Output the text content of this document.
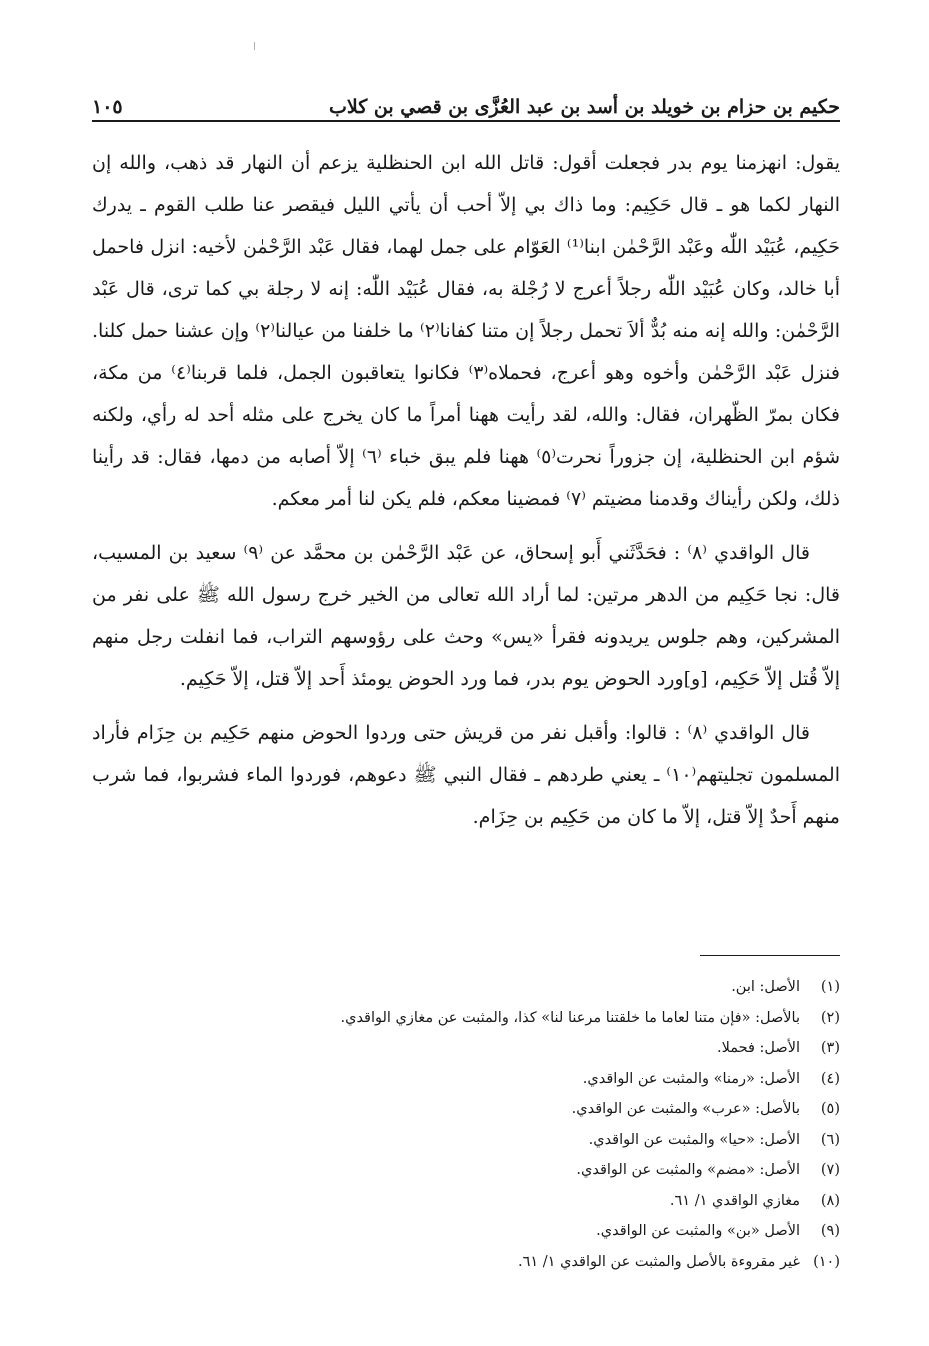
حكيم بن حزام بن خويلد بن أسد بن عبد العُزَّى بن قصي بن كلاب
١٠٥

يقول: انهزمنا يوم بدر فجعلت أقول: قاتل الله ابن الحنظلية يزعم أن النهار قد ذهب، والله إن النهار لكما هو ـ قال حَكِيم: وما ذاك بي إلاّ أحب أن يأتي الليل فيقصر عنا طلب القوم ـ يدرك حَكِيم، عُبَيْد اللّٰه وعَبْد الرَّحْمٰن ابنا⁽¹⁾ العَوّام على جمل لهما، فقال عَبْد الرَّحْمٰن لأخيه: انزل فاحمل أبا خالد، وكان عُبَيْد اللّٰه رجلاً أعرج لا رُجْلة به، فقال عُبَيْد اللّٰه: إنه لا رجلة بي كما ترى، قال عَبْد الرَّحْمٰن: والله إنه منه بُدٌّ ألاَ تحمل رجلاً إن متنا كفانا⁽٢⁾ ما خلفنا من عيالنا⁽٢⁾ وإن عشنا حمل كلنا. فنزل عَبْد الرَّحْمٰن وأخوه وهو أعرج، فحملاه⁽٣⁾ فكانوا يتعاقبون الجمل، فلما قربنا⁽٤⁾ من مكة، فكان بمرّ الظّهران، فقال: والله، لقد رأيت ههنا أمراً ما كان يخرج على مثله أحد له رأي، ولكنه شؤم ابن الحنظلية، إن جزوراً نحرت⁽٥⁾ ههنا فلم يبق خباء ⁽٦⁾ إلاّ أصابه من دمها، فقال: قد رأينا ذلك، ولكن رأيناك وقدمنا مضيتم ⁽٧⁾ فمضينا معكم، فلم يكن لنا أمر معكم.

قال الواقدي ⁽٨⁾ : فحَدَّثَني أَبو إسحاق، عن عَبْد الرَّحْمٰن بن محمَّد عن ⁽٩⁾ سعيد بن المسيب، قال: نجا حَكِيم من الدهر مرتين: لما أراد الله تعالى من الخير خرج رسول الله ﷺ على نفر من المشركين، وهم جلوس يريدونه فقرأ «يس» وحث على رؤوسهم التراب، فما انفلت رجل منهم إلاّ قُتل إلاّ حَكِيم، [و]ورد الحوض يوم بدر، فما ورد الحوض يومئذ أَحد إلاّ قتل، إلاّ حَكِيم.

قال الواقدي ⁽٨⁾ : قالوا: وأقبل نفر من قريش حتى وردوا الحوض منهم حَكِيم بن حِزَام فأراد المسلمون تجليتهم⁽١٠⁾ ـ يعني طردهم ـ فقال النبي ﷺ دعوهم، فوردوا الماء فشربوا، فما شرب منهم أَحدٌ إلاّ قتل، إلاّ ما كان من حَكِيم بن حِزَام.

(١)
الأصل: ابن.
(٢)
بالأصل: «فإن متنا لعاما ما خلقتنا مرعنا لنا» كذا، والمثبت عن مغازي الواقدي.
(٣)
الأصل: فحملا.
(٤)
الأصل: «رمنا» والمثبت عن الواقدي.
(٥)
بالأصل: «عرب» والمثبت عن الواقدي.
(٦)
الأصل: «حيا» والمثبت عن الواقدي.
(٧)
الأصل: «مضم» والمثبت عن الواقدي.
(٨)
مغازي الواقدي ١/ ٦١.
(٩)
الأصل «بن» والمثبت عن الواقدي.
(١٠)
غير مقروءة بالأصل والمثبت عن الواقدي ١/ ٦١.
